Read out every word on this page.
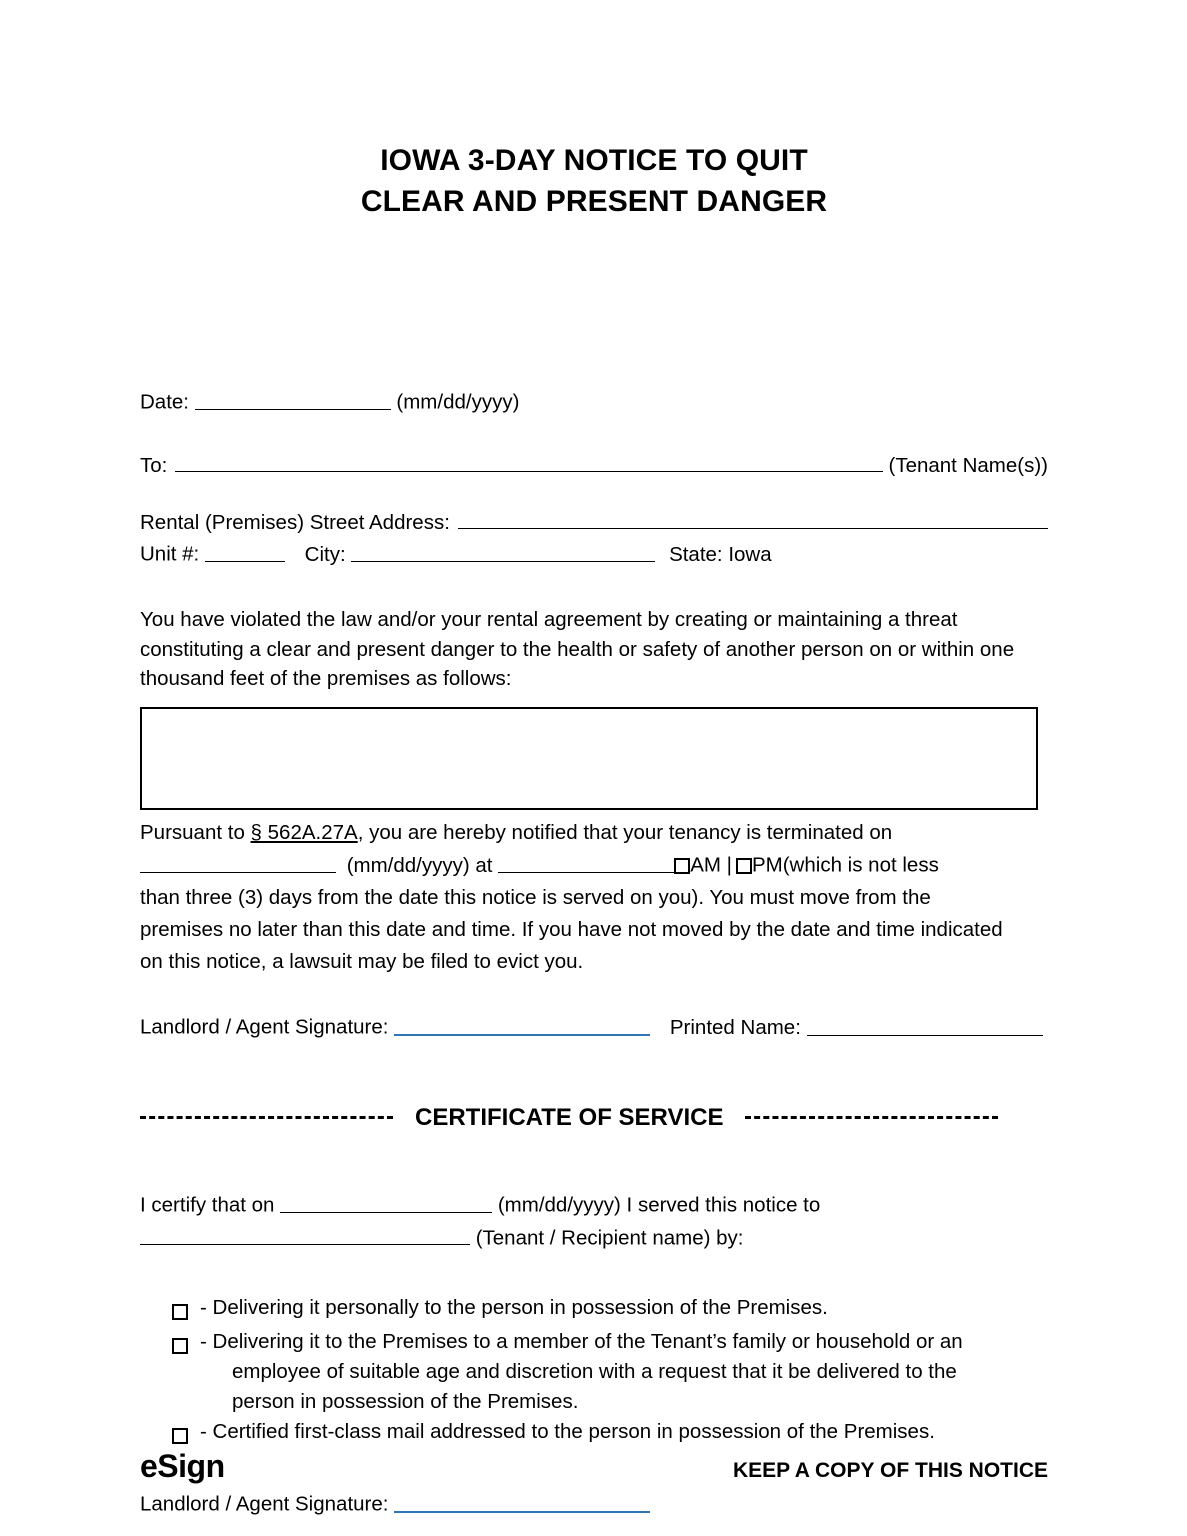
IOWA 3-DAY NOTICE TO QUIT
CLEAR AND PRESENT DANGER
Date:	(mm/dd/yyyy)
To:	(Tenant Name(s))
Rental (Premises) Street Address:
Unit #:	City:	State: Iowa
You have violated the law and/or your rental agreement by creating or maintaining a threat constituting a clear and present danger to the health or safety of another person on or within one thousand feet of the premises as follows:
Pursuant to § 562A.27A, you are hereby notified that your tenancy is terminated on
(mm/dd/yyyy) at	AM | PM(which is not less
than three (3) days from the date this notice is served on you). You must move from the
premises no later than this date and time. If you have not moved by the date and time indicated
on this notice, a lawsuit may be filed to evict you.
Landlord / Agent Signature:	Printed Name:
CERTIFICATE OF SERVICE
I certify that on	(mm/dd/yyyy) I served this notice to
(Tenant / Recipient name) by:
- Delivering it personally to the person in possession of the Premises.
- Delivering it to the Premises to a member of the Tenant’s family or household or an
employee of suitable age and discretion with a request that it be delivered to the
person in possession of the Premises.
- Certified first-class mail addressed to the person in possession of the Premises.
Landlord / Agent Signature:
eSign	KEEP A COPY OF THIS NOTICE
